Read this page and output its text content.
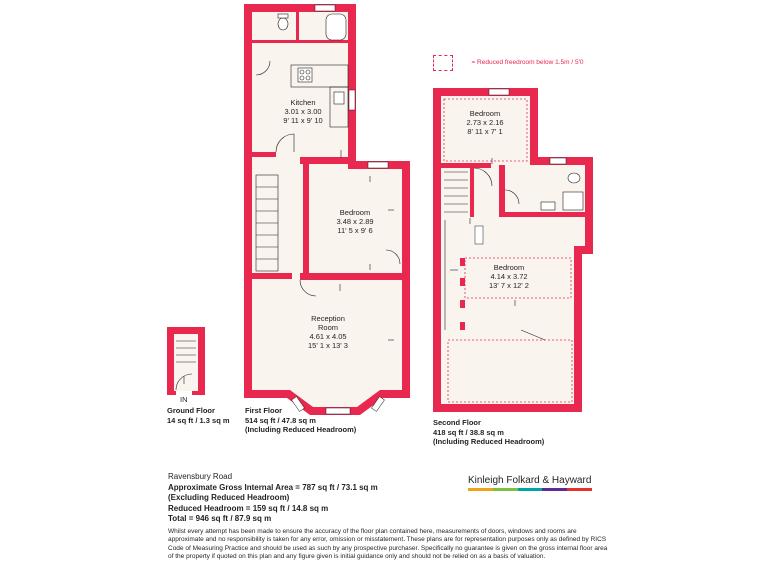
= Reduced freedroom below 1.5m / 5'0
Kitchen
3.01 x 3.00
9' 11 x 9' 10
Bedroom
3.48 x 2.89
11' 5 x 9' 6
Reception
Room
4.61 x 4.05
15' 1 x 13' 3
Bedroom
2.73 x 2.16
8' 11 x 7' 1
Bedroom
4.14 x 3.72
13' 7 x 12' 2
IN
Ground Floor
14 sq ft / 1.3 sq m
First Floor
514 sq ft / 47.8 sq m
(Including Reduced Headroom)
Second Floor
418 sq ft / 38.8 sq m
(Including Reduced Headroom)
Ravensbury Road
Approximate Gross Internal Area = 787 sq ft / 73.1 sq m
(Excluding Reduced Headroom)
Reduced Headroom = 159 sq ft / 14.8 sq m
Total = 946 sq ft / 87.9 sq m
Kinleigh Folkard & Hayward
Whilst every attempt has been made to ensure the accuracy of the floor plan contained here, measurements of doors, windows and rooms are approximate and no responsibility is taken for any error, omission or misstatement. These plans are for representation purposes only as defined by RICS Code of Measuring Practice and should be used as such by any prospective purchaser. Specifically no guarantee is given on the gross internal floor area of the property if quoted on this plan and any figure given is initial guidance only and should not be relied on as a basis of valuation.
